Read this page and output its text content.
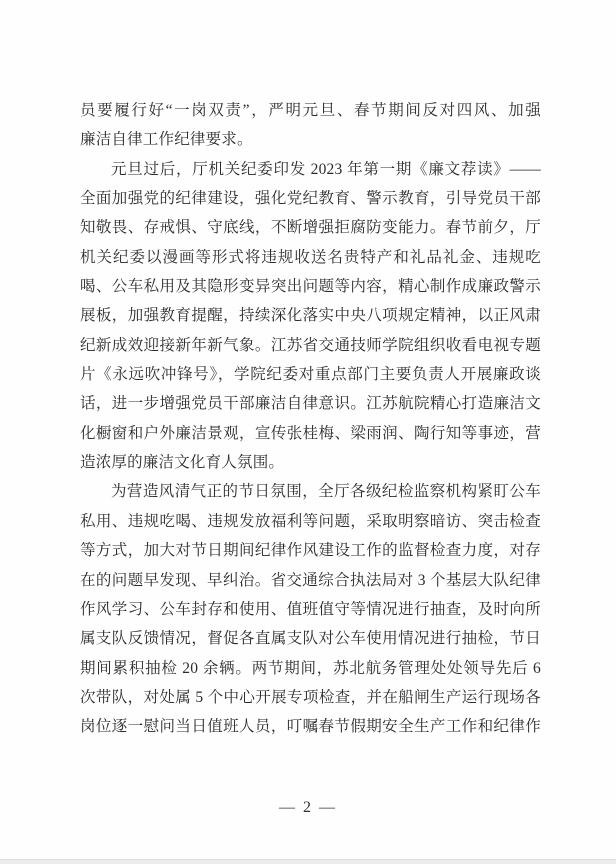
员要履行好“一岗双责”，严明元旦、春节期间反对四风、加强
廉洁自律工作纪律要求。
元旦过后，厅机关纪委印发 2023 年第一期《廉文荐读》——
全面加强党的纪律建设，强化党纪教育、警示教育，引导党员干部
知敬畏、存戒惧、守底线，不断增强拒腐防变能力。春节前夕，厅
机关纪委以漫画等形式将违规收送名贵特产和礼品礼金、违规吃
喝、公车私用及其隐形变异突出问题等内容，精心制作成廉政警示
展板，加强教育提醒，持续深化落实中央八项规定精神，以正风肃
纪新成效迎接新年新气象。江苏省交通技师学院组织收看电视专题
片《永远吹冲锋号》，学院纪委对重点部门主要负责人开展廉政谈
话，进一步增强党员干部廉洁自律意识。江苏航院精心打造廉洁文
化橱窗和户外廉洁景观，宣传张桂梅、梁雨润、陶行知等事迹，营
造浓厚的廉洁文化育人氛围。
为营造风清气正的节日氛围，全厅各级纪检监察机构紧盯公车
私用、违规吃喝、违规发放福利等问题，采取明察暗访、突击检查
等方式，加大对节日期间纪律作风建设工作的监督检查力度，对存
在的问题早发现、早纠治。省交通综合执法局对 3 个基层大队纪律
作风学习、公车封存和使用、值班值守等情况进行抽查，及时向所
属支队反馈情况，督促各直属支队对公车使用情况进行抽检，节日
期间累积抽检 20 余辆。两节期间，苏北航务管理处处领导先后 6
次带队，对处属 5 个中心开展专项检查，并在船闸生产运行现场各
岗位逐一慰问当日值班人员，叮嘱春节假期安全生产工作和纪律作
— 2 —
